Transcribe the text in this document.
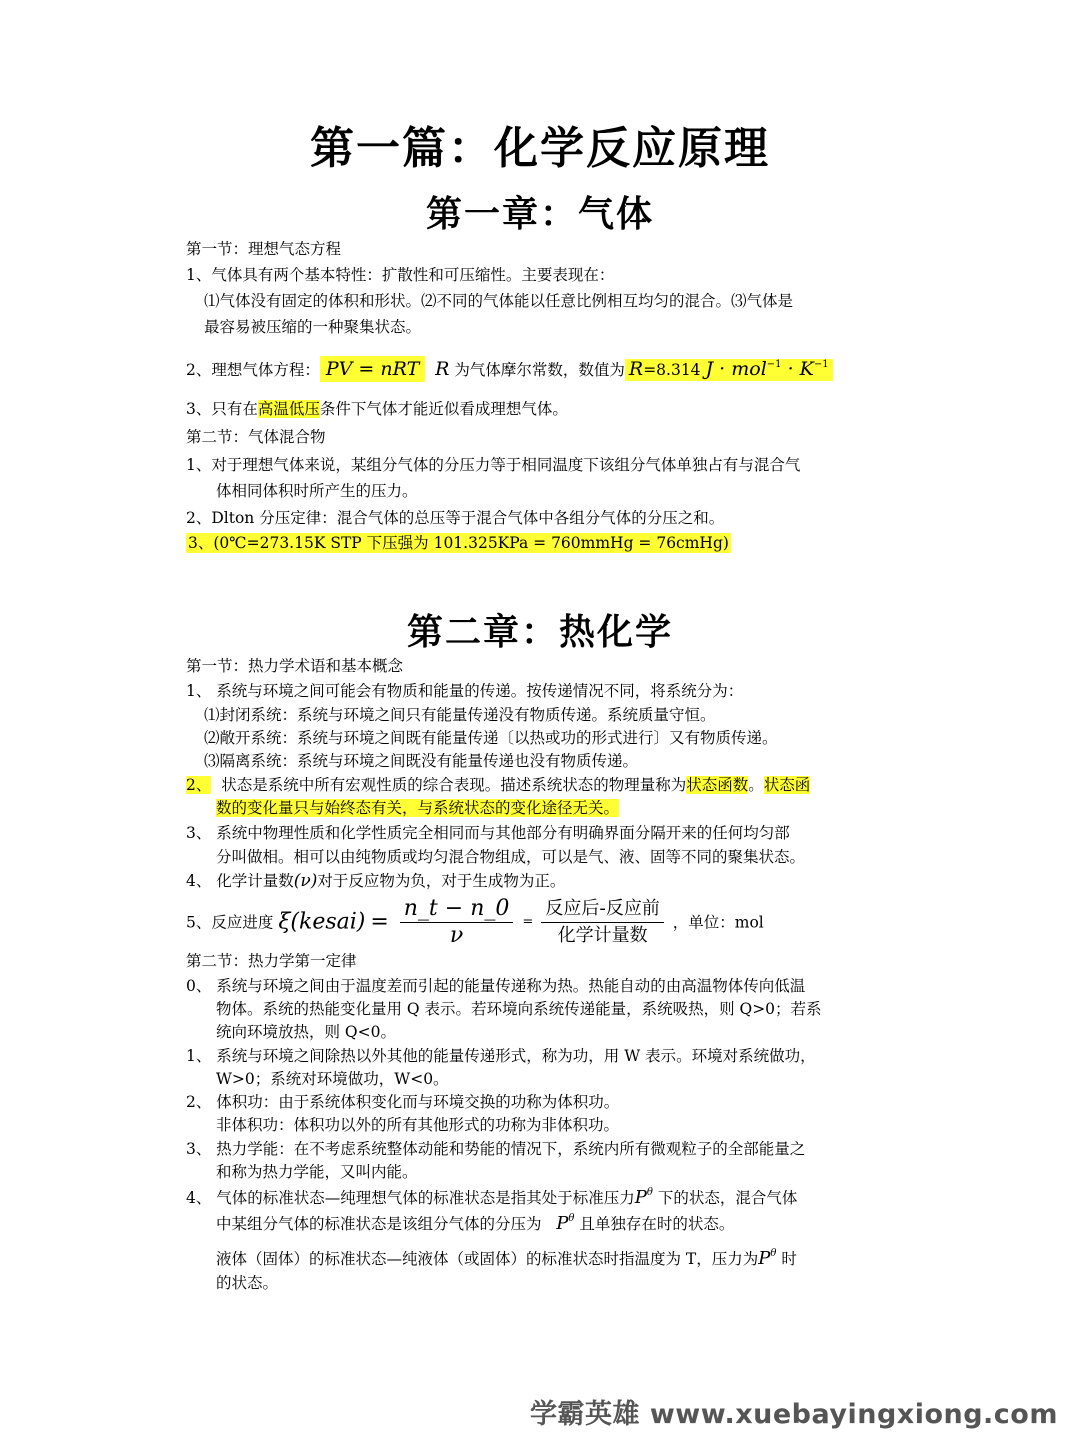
第一篇：化学反应原理
第一章：气体
第一节：理想气态方程
1、气体具有两个基本特性：扩散性和可压缩性。主要表现在：
⑴气体没有固定的体积和形状。⑵不同的气体能以任意比例相互均匀的混合。⑶气体是
最容易被压缩的一种聚集状态。
2、理想气体方程： PV = nRT R 为气体摩尔常数，数值为 R=8.314 $J \cdot mol^{-1} \cdot K^{-1}$
3、只有在高温低压条件下气体才能近似看成理想气体。
第二节：气体混合物
1、对于理想气体来说，某组分气体的分压力等于相同温度下该组分气体单独占有与混合气
体相同体积时所产生的压力。
2、Dlton 分压定律：混合气体的总压等于混合气体中各组分气体的分压之和。
3、(0℃=273.15K STP 下压强为 101.325KPa = 760mmHg = 76cmHg)
第二章：热化学
第一节：热力学术语和基本概念
1、 系统与环境之间可能会有物质和能量的传递。按传递情况不同，将系统分为：
⑴封闭系统：系统与环境之间只有能量传递没有物质传递。系统质量守恒。
⑵敞开系统：系统与环境之间既有能量传递〔以热或功的形式进行〕又有物质传递。
⑶隔离系统：系统与环境之间既没有能量传递也没有物质传递。
2、 状态是系统中所有宏观性质的综合表现。描述系统状态的物理量称为状态函数。状态函
数的变化量只与始终态有关，与系统状态的变化途径无关。
3、 系统中物理性质和化学性质完全相同而与其他部分有明确界面分隔开来的任何均匀部
分叫做相。相可以由纯物质或均匀混合物组成，可以是气、液、固等不同的聚集状态。
4、 化学计量数(ν)对于反应物为负，对于生成物为正。
5、反应进度 ξ(kesai) = $\frac{n\_t - n\_0}{\nu} = \frac{\text{反应后-反应前}}{\text{化学计量数}}$ ，单位：mol
第二节：热力学第一定律
0、 系统与环境之间由于温度差而引起的能量传递称为热。热能自动的由高温物体传向低温
物体。系统的热能变化量用 Q 表示。若环境向系统传递能量，系统吸热，则 Q>0；若系
统向环境放热，则 Q<0。
1、 系统与环境之间除热以外其他的能量传递形式，称为功，用 W 表示。环境对系统做功，
W>0；系统对环境做功，W<0。
2、 体积功：由于系统体积变化而与环境交换的功称为体积功。
非体积功：体积功以外的所有其他形式的功称为非体积功。
3、 热力学能：在不考虑系统整体动能和势能的情况下，系统内所有微观粒子的全部能量之
和称为热力学能，又叫内能。
4、 气体的标准状态—纯理想气体的标准状态是指其处于标准压力$P^\theta$ 下的状态，混合气体
中某组分气体的标准状态是该组分气体的分压为   $P^\theta$ 且单独存在时的状态。
液体（固体）的标准状态—纯液体（或固体）的标准状态时指温度为 T，压力为$P^\theta$ 时
的状态。
学霸英雄 www.xuebayingxiong.com
